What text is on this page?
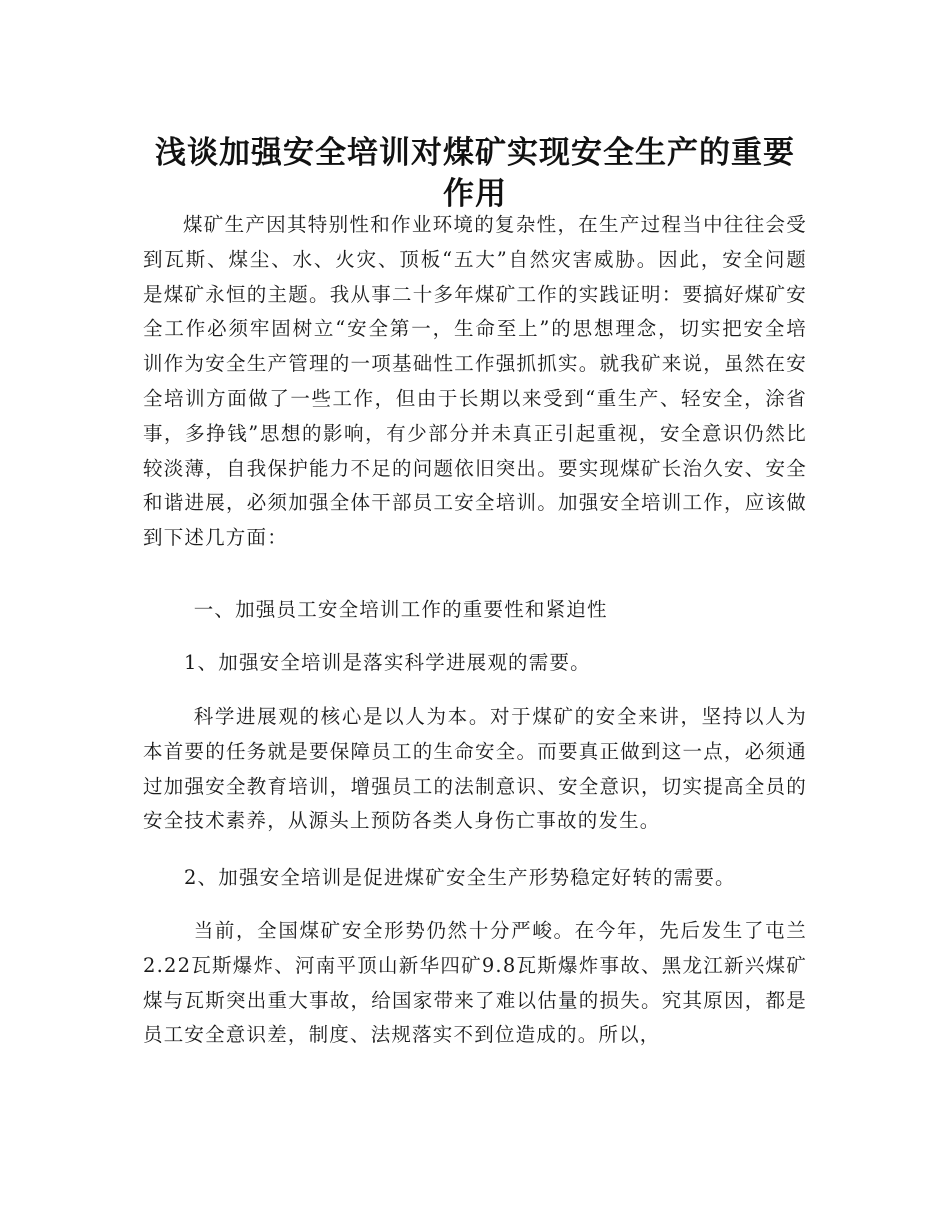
浅谈加强安全培训对煤矿实现安全生产的重要作用

煤矿生产因其特别性和作业环境的复杂性，在生产过程当中往往会受到瓦斯、煤尘、水、火灾、顶板“五大”自然灾害威胁。因此，安全问题是煤矿永恒的主题。我从事二十多年煤矿工作的实践证明：要搞好煤矿安全工作必须牢固树立“安全第一，生命至上”的思想理念，切实把安全培训作为安全生产管理的一项基础性工作强抓抓实。就我矿来说，虽然在安全培训方面做了一些工作，但由于长期以来受到“重生产、轻安全，涂省事，多挣钱”思想的影响，有少部分并未真正引起重视，安全意识仍然比较淡薄，自我保护能力不足的问题依旧突出。要实现煤矿长治久安、安全和谐进展，必须加强全体干部员工安全培训。加强安全培训工作，应该做到下述几方面：

一、加强员工安全培训工作的重要性和紧迫性

1、加强安全培训是落实科学进展观的需要。

科学进展观的核心是以人为本。对于煤矿的安全来讲，坚持以人为本首要的任务就是要保障员工的生命安全。而要真正做到这一点，必须通过加强安全教育培训，增强员工的法制意识、安全意识，切实提高全员的安全技术素养，从源头上预防各类人身伤亡事故的发生。

2、加强安全培训是促进煤矿安全生产形势稳定好转的需要。

当前，全国煤矿安全形势仍然十分严峻。在今年，先后发生了屯兰2.22瓦斯爆炸、河南平顶山新华四矿9.8瓦斯爆炸事故、黑龙江新兴煤矿煤与瓦斯突出重大事故，给国家带来了难以估量的损失。究其原因，都是员工安全意识差，制度、法规落实不到位造成的。所以，
